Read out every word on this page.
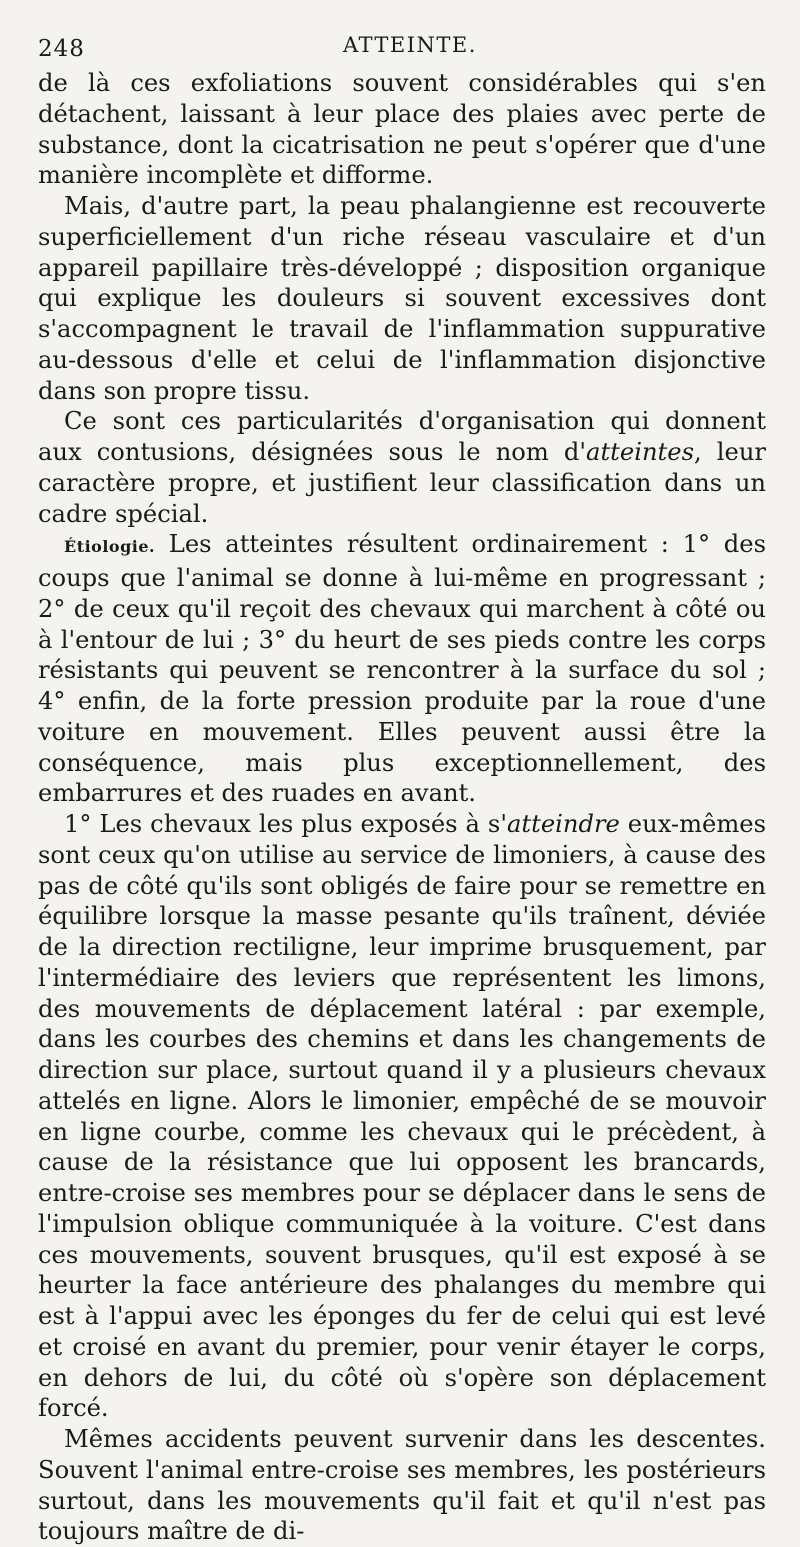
248	ATTEINTE.

de là ces exfoliations souvent considérables qui s'en détachent, laissant à leur place des plaies avec perte de substance, dont la cicatrisation ne peut s'opérer que d'une manière incomplète et difforme.

Mais, d'autre part, la peau phalangienne est recouverte superficiellement d'un riche réseau vasculaire et d'un appareil papillaire très-développé ; disposition organique qui explique les douleurs si souvent excessives dont s'accompagnent le travail de l'inflammation suppurative au-dessous d'elle et celui de l'inflammation disjonctive dans son propre tissu.

Ce sont ces particularités d'organisation qui donnent aux contusions, désignées sous le nom d'atteintes, leur caractère propre, et justifient leur classification dans un cadre spécial.

Étiologie. Les atteintes résultent ordinairement : 1° des coups que l'animal se donne à lui-même en progressant ; 2° de ceux qu'il reçoit des chevaux qui marchent à côté ou à l'entour de lui ; 3° du heurt de ses pieds contre les corps résistants qui peuvent se rencontrer à la surface du sol ; 4° enfin, de la forte pression produite par la roue d'une voiture en mouvement. Elles peuvent aussi être la conséquence, mais plus exceptionnellement, des embarrures et des ruades en avant.

1° Les chevaux les plus exposés à s'atteindre eux-mêmes sont ceux qu'on utilise au service de limoniers, à cause des pas de côté qu'ils sont obligés de faire pour se remettre en équilibre lorsque la masse pesante qu'ils traînent, déviée de la direction rectiligne, leur imprime brusquement, par l'intermédiaire des leviers que représentent les limons, des mouvements de déplacement latéral : par exemple, dans les courbes des chemins et dans les changements de direction sur place, surtout quand il y a plusieurs chevaux attelés en ligne. Alors le limonier, empêché de se mouvoir en ligne courbe, comme les chevaux qui le précèdent, à cause de la résistance que lui opposent les brancards, entre-croise ses membres pour se déplacer dans le sens de l'impulsion oblique communiquée à la voiture. C'est dans ces mouvements, souvent brusques, qu'il est exposé à se heurter la face antérieure des phalanges du membre qui est à l'appui avec les éponges du fer de celui qui est levé et croisé en avant du premier, pour venir étayer le corps, en dehors de lui, du côté où s'opère son déplacement forcé.

Mêmes accidents peuvent survenir dans les descentes. Souvent l'animal entre-croise ses membres, les postérieurs surtout, dans les mouvements qu'il fait et qu'il n'est pas toujours maître de di-
